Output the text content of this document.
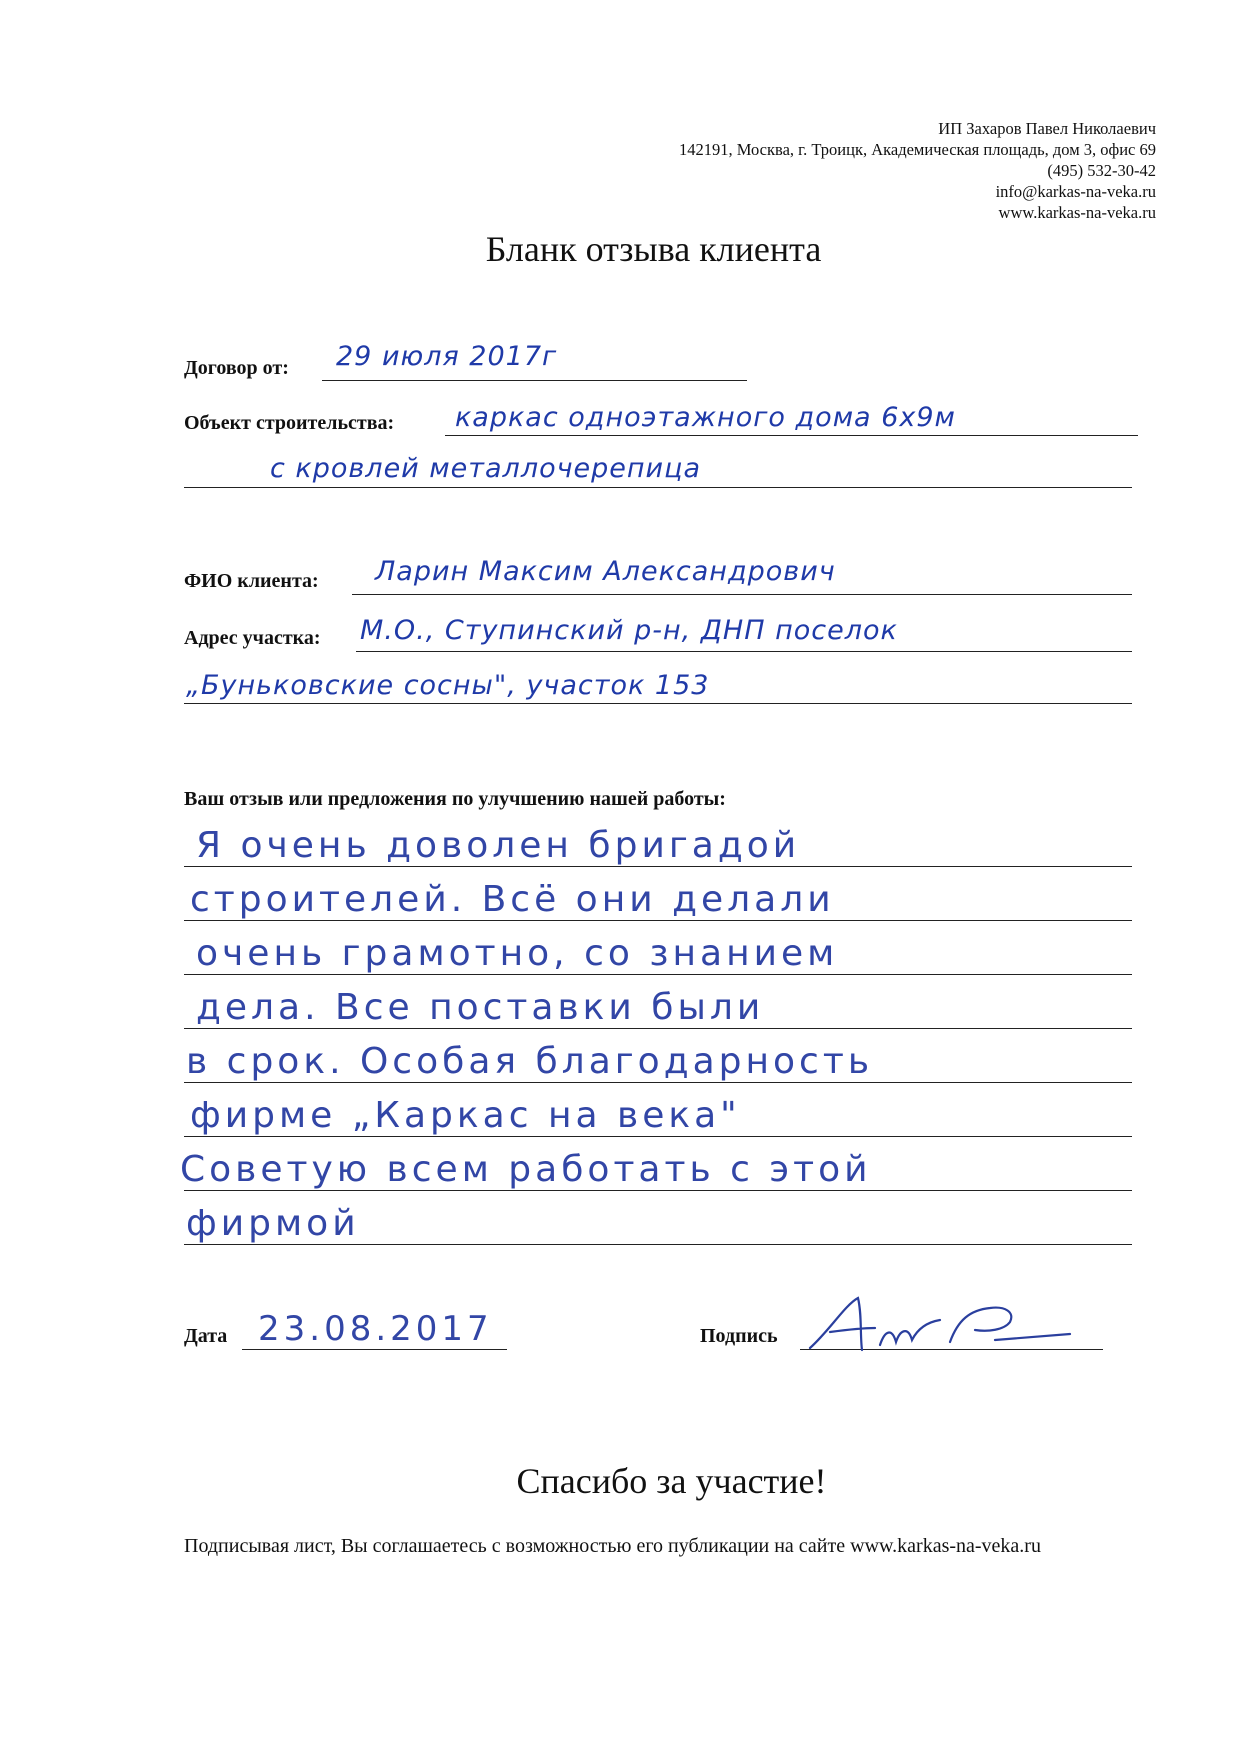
ИП Захаров Павел Николаевич
142191, Москва, г. Троицк, Академическая площадь, дом 3, офис 69
(495) 532-30-42
info@karkas-na-veka.ru
www.karkas-na-veka.ru
Бланк отзыва клиента
Договор от: 29 июля 2017г
Объект строительства: каркас одноэтажного дома 6х9м
с кровлей металлочерепица
ФИО клиента: Ларин Максим Александрович
Адрес участка: М.О., Ступинский р-н, ДНП поселок
„Буньковские сосны", участок 153
Ваш отзыв или предложения по улучшению нашей работы:
Я очень доволен бригадой
строителей. Всё они делали
очень грамотно, со знанием
дела. Все поставки были
в срок. Особая благодарность
фирме „Каркас на века"
Советую всем работать с этой
фирмой
Дата 23.08.2017	Подпись
Спасибо за участие!
Подписывая лист, Вы соглашаетесь с возможностью его публикации на сайте www.karkas-na-veka.ru
